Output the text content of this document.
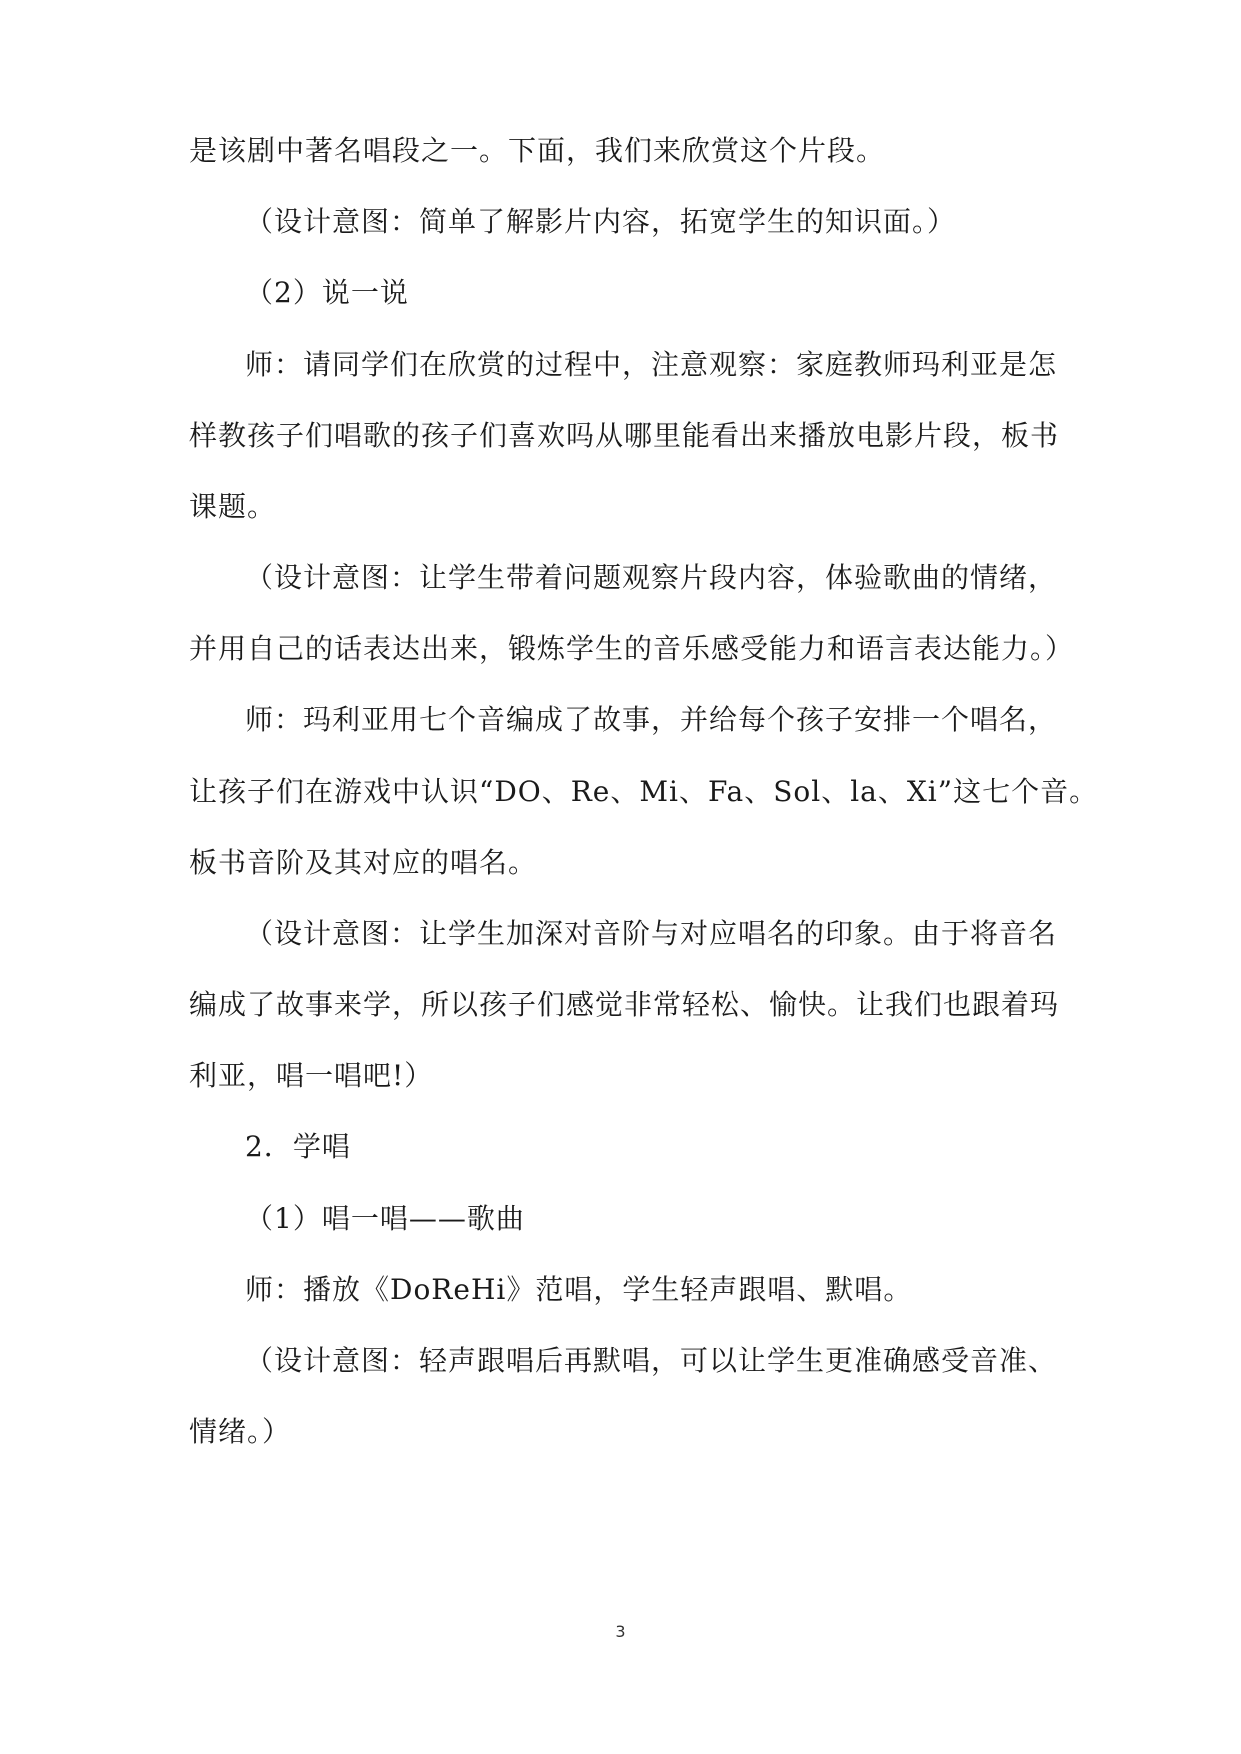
是该剧中著名唱段之一。下面，我们来欣赏这个片段。
（设计意图：简单了解影片内容，拓宽学生的知识面。）
（2）说一说
师：请同学们在欣赏的过程中，注意观察：家庭教师玛利亚是怎
样教孩子们唱歌的孩子们喜欢吗从哪里能看出来播放电影片段，板书
课题。
（设计意图：让学生带着问题观察片段内容，体验歌曲的情绪，
并用自己的话表达出来，锻炼学生的音乐感受能力和语言表达能力。）
师：玛利亚用七个音编成了故事，并给每个孩子安排一个唱名，
让孩子们在游戏中认识“DO、Re、Mi、Fa、Sol、la、Xi”这七个音。
板书音阶及其对应的唱名。
（设计意图：让学生加深对音阶与对应唱名的印象。由于将音名
编成了故事来学，所以孩子们感觉非常轻松、愉快。让我们也跟着玛
利亚，唱一唱吧!）
2．学唱
（1）唱一唱——歌曲
师：播放《DoReHi》范唱，学生轻声跟唱、默唱。
（设计意图：轻声跟唱后再默唱，可以让学生更准确感受音准、
情绪。）
3
